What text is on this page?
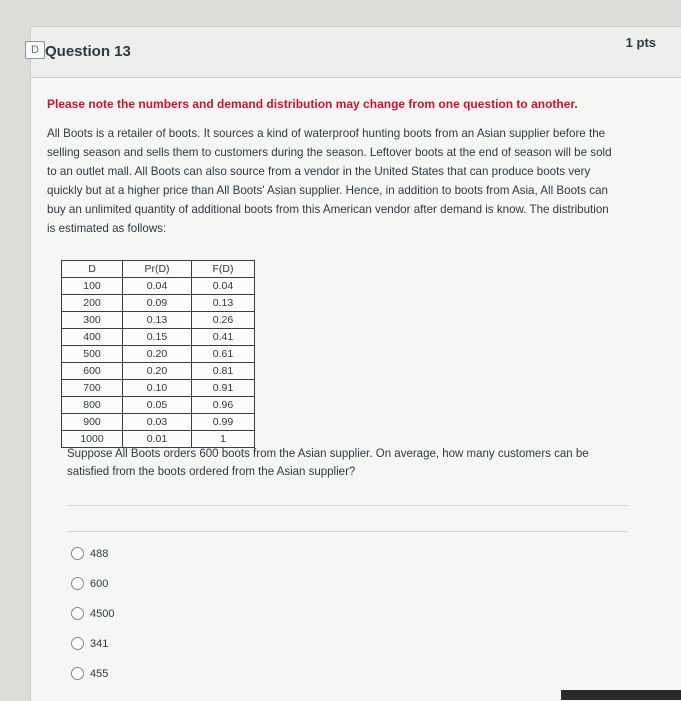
D Question 13
1 pts
Please note the numbers and demand distribution may change from one question to another.
All Boots is a retailer of boots. It sources a kind of waterproof hunting boots from an Asian supplier before the selling season and sells them to customers during the season. Leftover boots at the end of season will be sold to an outlet mall. All Boots can also source from a vendor in the United States that can produce boots very quickly but at a higher price than All Boots' Asian supplier. Hence, in addition to boots from Asia, All Boots can buy an unlimited quantity of additional boots from this American vendor after demand is know. The distribution is estimated as follows:
D	Pr(D)	F(D)
100	0.04	0.04
200	0.09	0.13
300	0.13	0.26
400	0.15	0.41
500	0.20	0.61
600	0.20	0.81
700	0.10	0.91
800	0.05	0.96
900	0.03	0.99
1000	0.01	1
Suppose All Boots orders 600 boots from the Asian supplier. On average, how many customers can be satisfied from the boots ordered from the Asian supplier?
488
600
4500
341
455
